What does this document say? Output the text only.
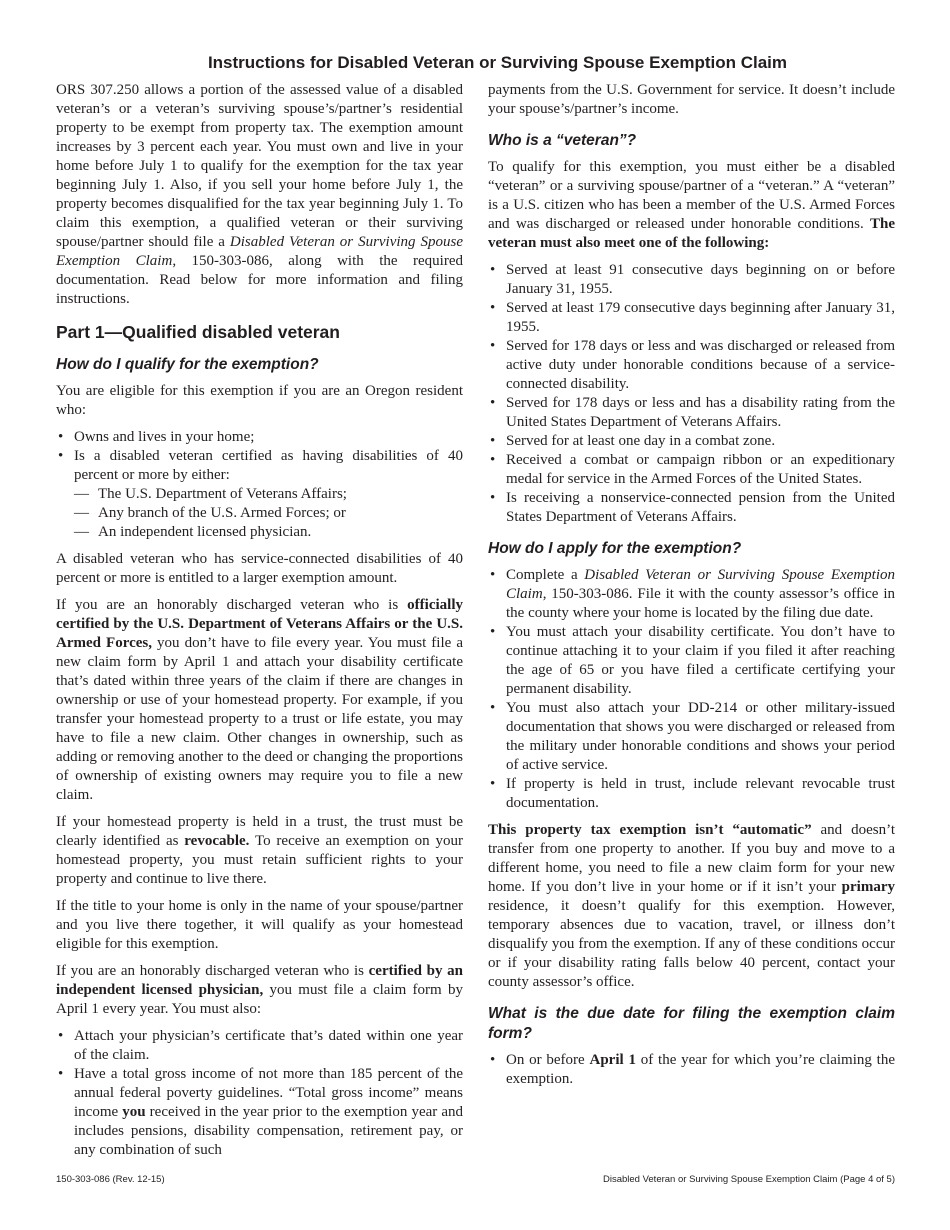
Instructions for Disabled Veteran or Surviving Spouse Exemption Claim

ORS 307.250 allows a portion of the assessed value of a disabled veteran’s or a veteran’s surviving spouse’s/partner’s residential property to be exempt from property tax. The exemption amount increases by 3 percent each year. You must own and live in your home before July 1 to qualify for the exemption for the tax year beginning July 1. Also, if you sell your home before July 1, the property becomes disqualified for the tax year beginning July 1. To claim this exemption, a qualified veteran or their surviving spouse/partner should file a Disabled Veteran or Surviving Spouse Exemption Claim, 150-303-086, along with the required documentation. Read below for more information and filing instructions.

Part 1—Qualified disabled veteran
How do I qualify for the exemption?

You are eligible for this exemption if you are an Oregon resident who:

• Owns and lives in your home;
• Is a disabled veteran certified as having disabilities of 40 percent or more by either:
— The U.S. Department of Veterans Affairs;
— Any branch of the U.S. Armed Forces; or
— An independent licensed physician.

A disabled veteran who has service-connected disabilities of 40 percent or more is entitled to a larger exemption amount.

If you are an honorably discharged veteran who is officially certified by the U.S. Department of Veterans Affairs or the U.S. Armed Forces, you don’t have to file every year. You must file a new claim form by April 1 and attach your disability certificate that’s dated within three years of the claim if there are changes in ownership or use of your homestead property. For example, if you transfer your homestead property to a trust or life estate, you may have to file a new claim. Other changes in ownership, such as adding or removing another to the deed or changing the proportions of ownership of existing owners may require you to file a new claim.

If your homestead property is held in a trust, the trust must be clearly identified as revocable. To receive an exemption on your homestead property, you must retain sufficient rights to your property and continue to live there.

If the title to your home is only in the name of your spouse/partner and you live there together, it will qualify as your homestead eligible for this exemption.

If you are an honorably discharged veteran who is certified by an independent licensed physician, you must file a claim form by April 1 every year. You must also:

• Attach your physician’s certificate that’s dated within one year of the claim.
• Have a total gross income of not more than 185 percent of the annual federal poverty guidelines. “Total gross income” means income you received in the year prior to the exemption year and includes pensions, disability compensation, retirement pay, or any combination of such

payments from the U.S. Government for service. It doesn’t include your spouse’s/partner’s income.

Who is a “veteran”?

To qualify for this exemption, you must either be a disabled “veteran” or a surviving spouse/partner of a “veteran.” A “veteran” is a U.S. citizen who has been a member of the U.S. Armed Forces and was discharged or released under honorable conditions. The veteran must also meet one of the following:

• Served at least 91 consecutive days beginning on or before January 31, 1955.
• Served at least 179 consecutive days beginning after January 31, 1955.
• Served for 178 days or less and was discharged or released from active duty under honorable conditions because of a service-connected disability.
• Served for 178 days or less and has a disability rating from the United States Department of Veterans Affairs.
• Served for at least one day in a combat zone.
• Received a combat or campaign ribbon or an expeditionary medal for service in the Armed Forces of the United States.
• Is receiving a nonservice-connected pension from the United States Department of Veterans Affairs.
How do I apply for the exemption?
• Complete a Disabled Veteran or Surviving Spouse Exemption Claim, 150-303-086. File it with the county assessor’s office in the county where your home is located by the filing due date.
• You must attach your disability certificate. You don’t have to continue attaching it to your claim if you filed it after reaching the age of 65 or you have filed a certificate certifying your permanent disability.
• You must also attach your DD-214 or other military-issued documentation that shows you were discharged or released from the military under honorable conditions and shows your period of active service.
• If property is held in trust, include relevant revocable trust documentation.

This property tax exemption isn’t “automatic” and doesn’t transfer from one property to another. If you buy and move to a different home, you need to file a new claim form for your new home. If you don’t live in your home or if it isn’t your primary residence, it doesn’t qualify for this exemption. However, temporary absences due to vacation, travel, or illness don’t disqualify you from the exemption. If any of these conditions occur or if your disability rating falls below 40 percent, contact your county assessor’s office.

What is the due date for filing the exemption claim form?
• On or before April 1 of the year for which you’re claiming the exemption.
150-303-086 (Rev. 12-15)	Disabled Veteran or Surviving Spouse Exemption Claim (Page 4 of 5)
